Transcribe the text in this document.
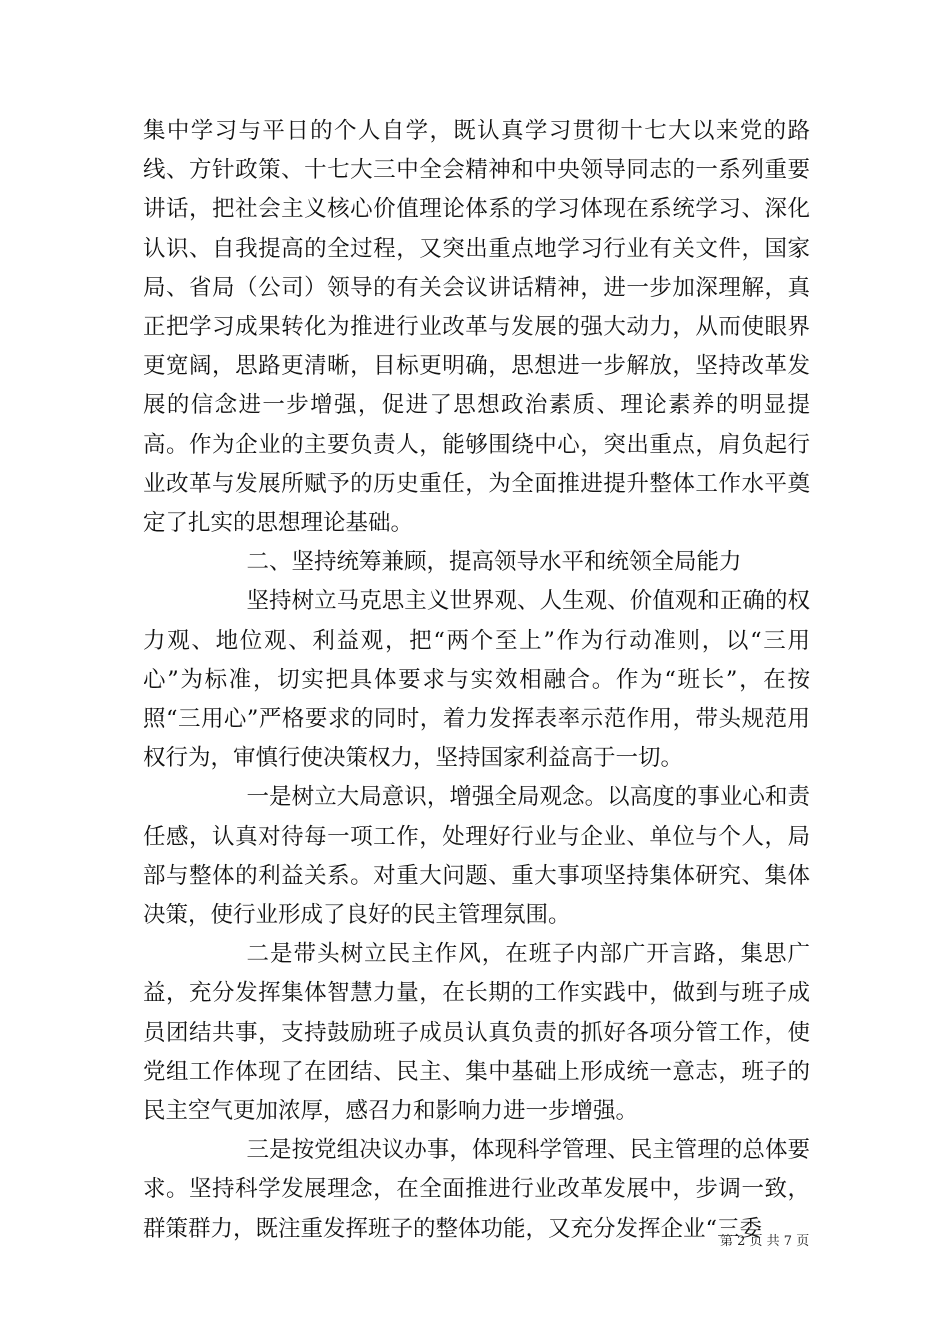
集中学习与平日的个人自学，既认真学习贯彻十七大以来党的路线、方针政策、十七大三中全会精神和中央领导同志的一系列重要讲话，把社会主义核心价值理论体系的学习体现在系统学习、深化认识、自我提高的全过程，又突出重点地学习行业有关文件，国家局、省局（公司）领导的有关会议讲话精神，进一步加深理解，真正把学习成果转化为推进行业改革与发展的强大动力，从而使眼界更宽阔，思路更清晰，目标更明确，思想进一步解放，坚持改革发展的信念进一步增强，促进了思想政治素质、理论素养的明显提高。作为企业的主要负责人，能够围绕中心，突出重点，肩负起行业改革与发展所赋予的历史重任，为全面推进提升整体工作水平奠定了扎实的思想理论基础。

二、坚持统筹兼顾，提高领导水平和统领全局能力

坚持树立马克思主义世界观、人生观、价值观和正确的权力观、地位观、利益观，把“两个至上”作为行动准则，以“三用心”为标准，切实把具体要求与实效相融合。作为“班长”，在按照“三用心”严格要求的同时，着力发挥表率示范作用，带头规范用权行为，审慎行使决策权力，坚持国家利益高于一切。

一是树立大局意识，增强全局观念。以高度的事业心和责任感，认真对待每一项工作，处理好行业与企业、单位与个人，局部与整体的利益关系。对重大问题、重大事项坚持集体研究、集体决策，使行业形成了良好的民主管理氛围。

二是带头树立民主作风，在班子内部广开言路，集思广益，充分发挥集体智慧力量，在长期的工作实践中，做到与班子成员团结共事，支持鼓励班子成员认真负责的抓好各项分管工作，使党组工作体现了在团结、民主、集中基础上形成统一意志，班子的民主空气更加浓厚，感召力和影响力进一步增强。

三是按党组决议办事，体现科学管理、民主管理的总体要求。坚持科学发展理念，在全面推进行业改革发展中，步调一致，群策群力，既注重发挥班子的整体功能，又充分发挥企业“三委

第 2 页 共 7 页
